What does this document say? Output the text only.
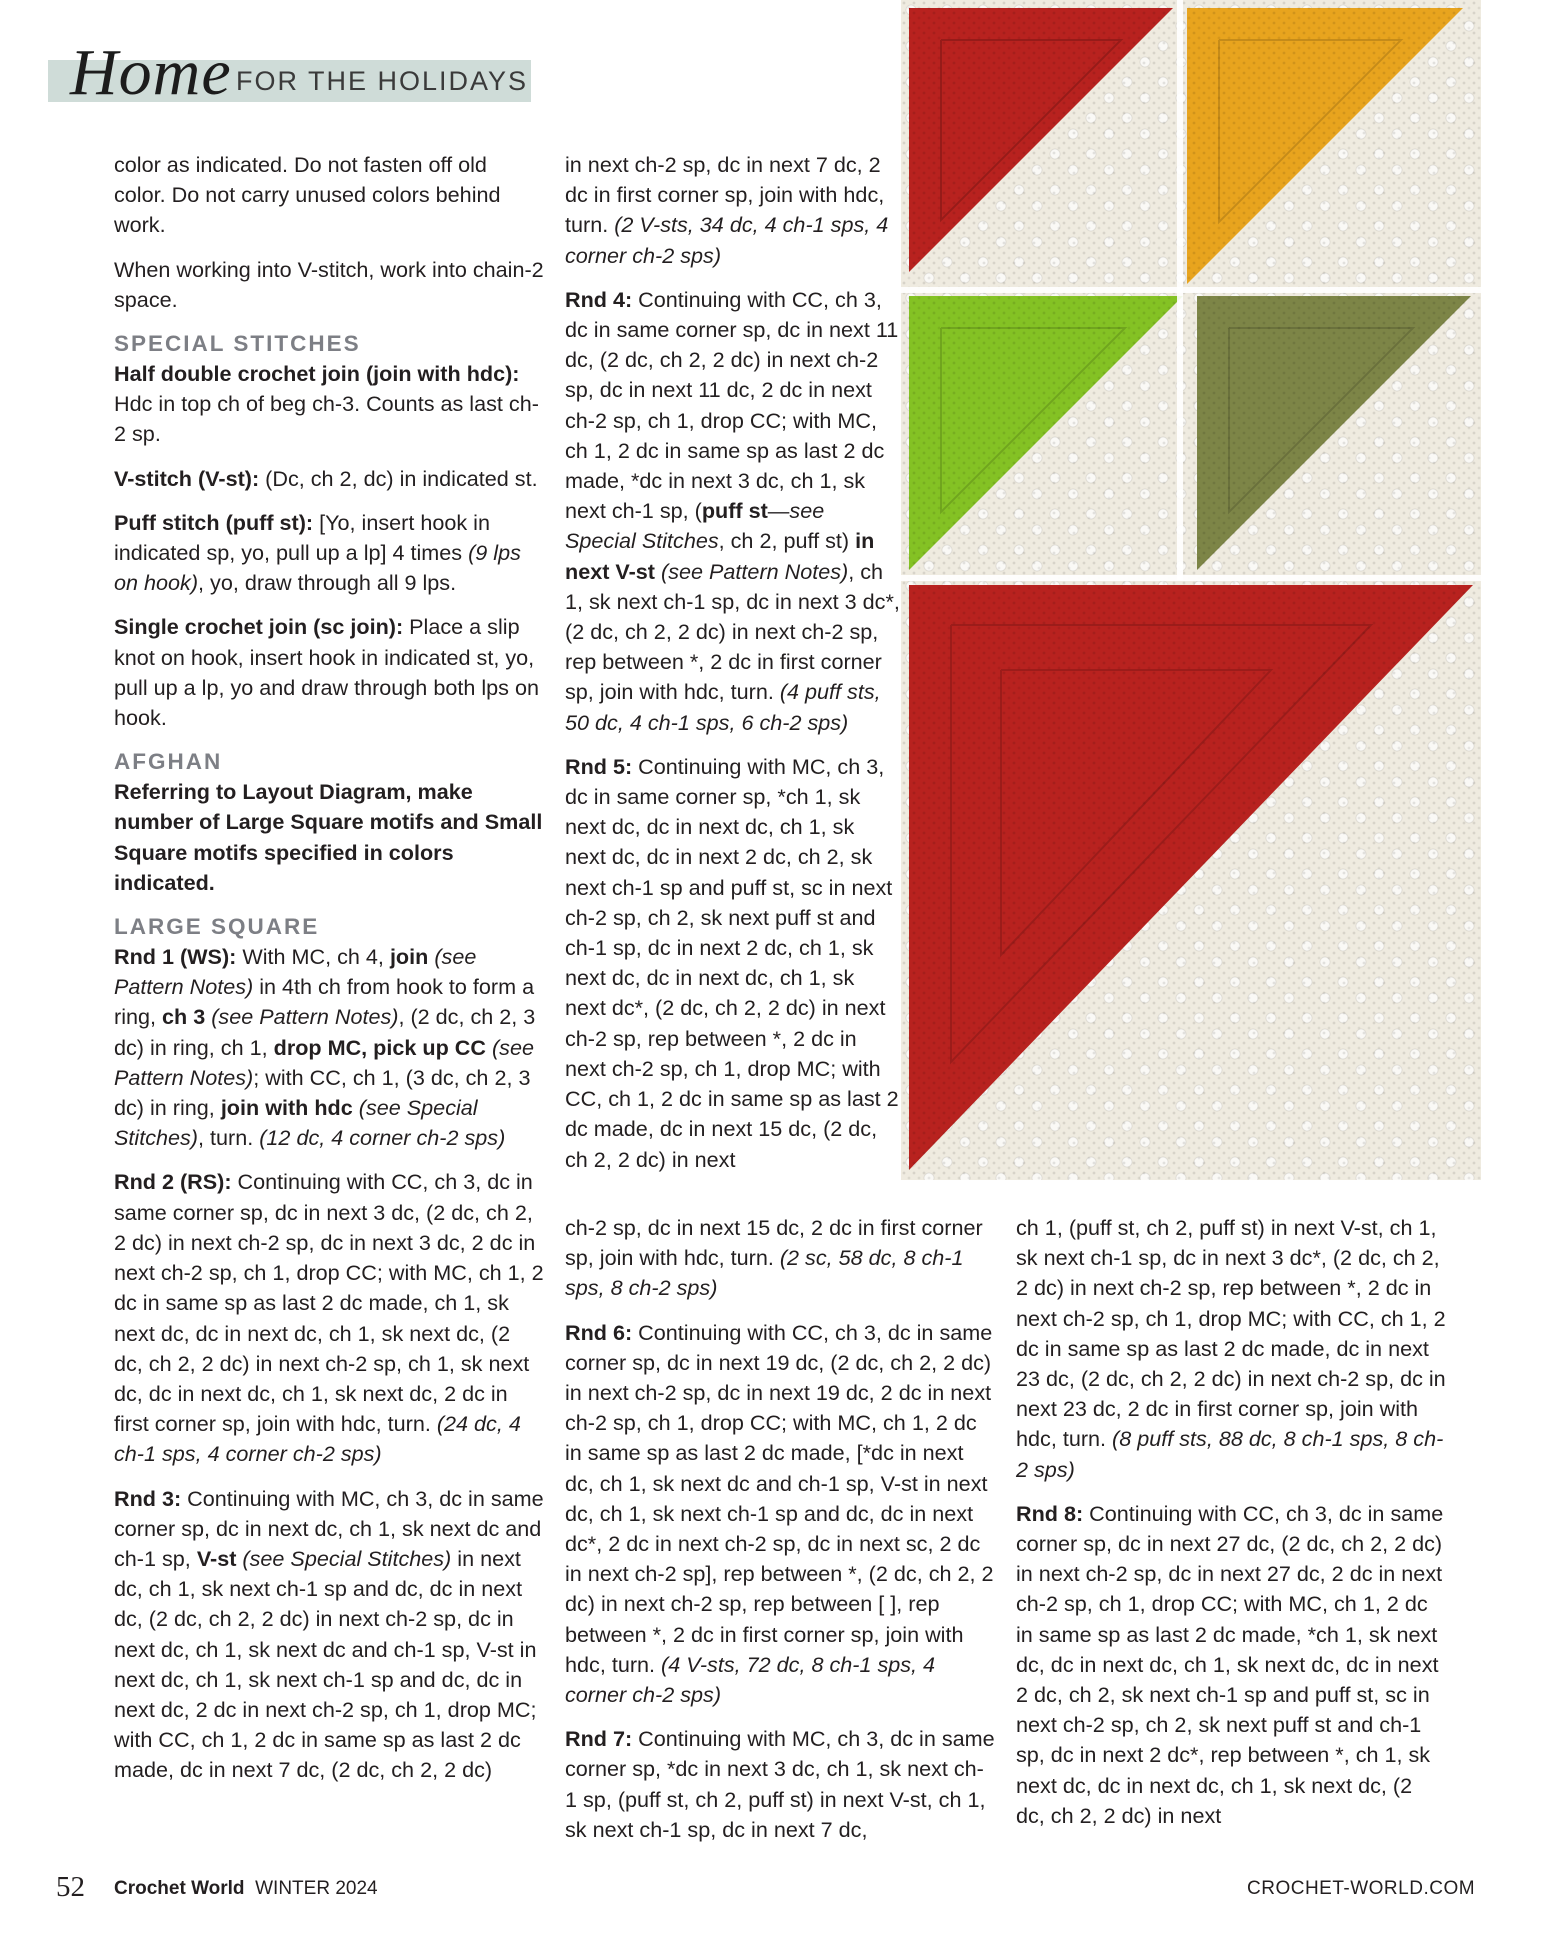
Home FOR THE HOLIDAYS

color as indicated. Do not fasten off old color. Do not carry unused colors behind work.

When working into V-stitch, work into chain-2 space.

SPECIAL STITCHES

Half double crochet join (join with hdc): Hdc in top ch of beg ch-3. Counts as last ch-2 sp.

V-stitch (V-st): (Dc, ch 2, dc) in indicated st.

Puff stitch (puff st): [Yo, insert hook in indicated sp, yo, pull up a lp] 4 times (9 lps on hook), yo, draw through all 9 lps.

Single crochet join (sc join): Place a slip knot on hook, insert hook in indicated st, yo, pull up a lp, yo and draw through both lps on hook.

AFGHAN

Referring to Layout Diagram, make number of Large Square motifs and Small Square motifs specified in colors indicated.

LARGE SQUARE

Rnd 1 (WS): With MC, ch 4, join (see Pattern Notes) in 4th ch from hook to form a ring, ch 3 (see Pattern Notes), (2 dc, ch 2, 3 dc) in ring, ch 1, drop MC, pick up CC (see Pattern Notes); with CC, ch 1, (3 dc, ch 2, 3 dc) in ring, join with hdc (see Special Stitches), turn. (12 dc, 4 corner ch-2 sps)

Rnd 2 (RS): Continuing with CC, ch 3, dc in same corner sp, dc in next 3 dc, (2 dc, ch 2, 2 dc) in next ch-2 sp, dc in next 3 dc, 2 dc in next ch-2 sp, ch 1, drop CC; with MC, ch 1, 2 dc in same sp as last 2 dc made, ch 1, sk next dc, dc in next dc, ch 1, sk next dc, (2 dc, ch 2, 2 dc) in next ch-2 sp, ch 1, sk next dc, dc in next dc, ch 1, sk next dc, 2 dc in first corner sp, join with hdc, turn. (24 dc, 4 ch-1 sps, 4 corner ch-2 sps)

Rnd 3: Continuing with MC, ch 3, dc in same corner sp, dc in next dc, ch 1, sk next dc and ch-1 sp, V-st (see Special Stitches) in next dc, ch 1, sk next ch-1 sp and dc, dc in next dc, (2 dc, ch 2, 2 dc) in next ch-2 sp, dc in next dc, ch 1, sk next dc and ch-1 sp, V-st in next dc, ch 1, sk next ch-1 sp and dc, dc in next dc, 2 dc in next ch-2 sp, ch 1, drop MC; with CC, ch 1, 2 dc in same sp as last 2 dc made, dc in next 7 dc, (2 dc, ch 2, 2 dc)

in next ch-2 sp, dc in next 7 dc, 2 dc in first corner sp, join with hdc, turn. (2 V-sts, 34 dc, 4 ch-1 sps, 4 corner ch-2 sps)

Rnd 4: Continuing with CC, ch 3, dc in same corner sp, dc in next 11 dc, (2 dc, ch 2, 2 dc) in next ch-2 sp, dc in next 11 dc, 2 dc in next ch-2 sp, ch 1, drop CC; with MC, ch 1, 2 dc in same sp as last 2 dc made, *dc in next 3 dc, ch 1, sk next ch-1 sp, (puff st—see Special Stitches, ch 2, puff st) in next V-st (see Pattern Notes), ch 1, sk next ch-1 sp, dc in next 3 dc*, (2 dc, ch 2, 2 dc) in next ch-2 sp, rep between *, 2 dc in first corner sp, join with hdc, turn. (4 puff sts, 50 dc, 4 ch-1 sps, 6 ch-2 sps)

Rnd 5: Continuing with MC, ch 3, dc in same corner sp, *ch 1, sk next dc, dc in next dc, ch 1, sk next dc, dc in next 2 dc, ch 2, sk next ch-1 sp and puff st, sc in next ch-2 sp, ch 2, sk next puff st and ch-1 sp, dc in next 2 dc, ch 1, sk next dc, dc in next dc, ch 1, sk next dc*, (2 dc, ch 2, 2 dc) in next ch-2 sp, rep between *, 2 dc in next ch-2 sp, ch 1, drop MC; with CC, ch 1, 2 dc in same sp as last 2 dc made, dc in next 15 dc, (2 dc, ch 2, 2 dc) in next

ch-2 sp, dc in next 15 dc, 2 dc in first corner sp, join with hdc, turn. (2 sc, 58 dc, 8 ch-1 sps, 8 ch-2 sps)

Rnd 6: Continuing with CC, ch 3, dc in same corner sp, dc in next 19 dc, (2 dc, ch 2, 2 dc) in next ch-2 sp, dc in next 19 dc, 2 dc in next ch-2 sp, ch 1, drop CC; with MC, ch 1, 2 dc in same sp as last 2 dc made, [*dc in next dc, ch 1, sk next dc and ch-1 sp, V-st in next dc, ch 1, sk next ch-1 sp and dc, dc in next dc*, 2 dc in next ch-2 sp, dc in next sc, 2 dc in next ch-2 sp], rep between *, (2 dc, ch 2, 2 dc) in next ch-2 sp, rep between [ ], rep between *, 2 dc in first corner sp, join with hdc, turn. (4 V-sts, 72 dc, 8 ch-1 sps, 4 corner ch-2 sps)

Rnd 7: Continuing with MC, ch 3, dc in same corner sp, *dc in next 3 dc, ch 1, sk next ch-1 sp, (puff st, ch 2, puff st) in next V-st, ch 1, sk next ch-1 sp, dc in next 7 dc,

ch 1, (puff st, ch 2, puff st) in next V-st, ch 1, sk next ch-1 sp, dc in next 3 dc*, (2 dc, ch 2, 2 dc) in next ch-2 sp, rep between *, 2 dc in next ch-2 sp, ch 1, drop MC; with CC, ch 1, 2 dc in same sp as last 2 dc made, dc in next 23 dc, (2 dc, ch 2, 2 dc) in next ch-2 sp, dc in next 23 dc, 2 dc in first corner sp, join with hdc, turn. (8 puff sts, 88 dc, 8 ch-1 sps, 8 ch-2 sps)

Rnd 8: Continuing with CC, ch 3, dc in same corner sp, dc in next 27 dc, (2 dc, ch 2, 2 dc) in next ch-2 sp, dc in next 27 dc, 2 dc in next ch-2 sp, ch 1, drop CC; with MC, ch 1, 2 dc in same sp as last 2 dc made, *ch 1, sk next dc, dc in next dc, ch 1, sk next dc, dc in next 2 dc, ch 2, sk next ch-1 sp and puff st, sc in next ch-2 sp, ch 2, sk next puff st and ch-1 sp, dc in next 2 dc*, rep between *, ch 1, sk next dc, dc in next dc, ch 1, sk next dc, (2 dc, ch 2, 2 dc) in next

52 Crochet World WINTER 2024	CROCHET-WORLD.COM
